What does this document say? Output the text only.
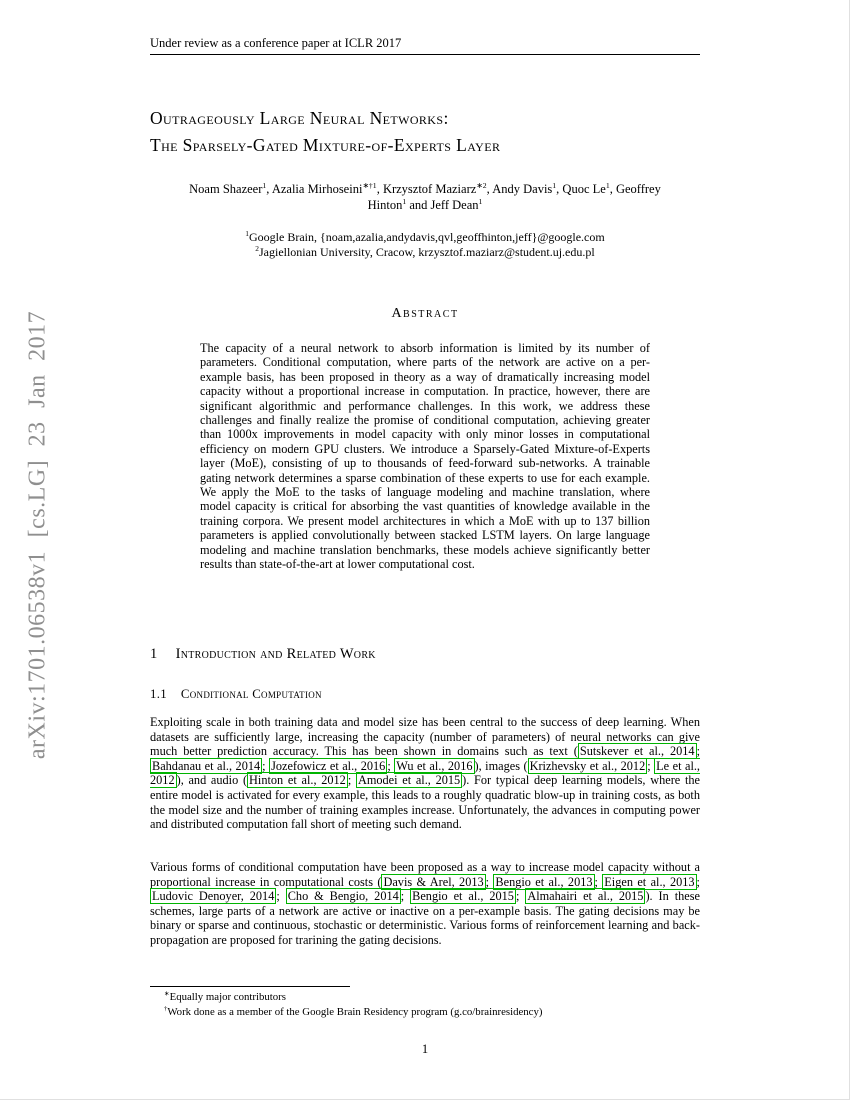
Under review as a conference paper at ICLR 2017
arXiv:1701.06538v1 [cs.LG] 23 Jan 2017
Outrageously Large Neural Networks:
The Sparsely-Gated Mixture-of-Experts Layer
Noam Shazeer$^1$, Azalia Mirhoseini$^{∗\dagger 1}$, Krzysztof Maziarz$^{∗2}$, Andy Davis$^1$, Quoc Le$^1$, Geoffrey
Hinton$^1$ and Jeff Dean$^1$
$^1$Google Brain, {noam,azalia,andydavis,qvl,geoffhinton,jeff}@google.com
$^2$Jagiellonian University, Cracow, krzysztof.maziarz@student.uj.edu.pl
Abstract
The capacity of a neural network to absorb information is limited by its number of parameters. Conditional computation, where parts of the network are active on a per-example basis, has been proposed in theory as a way of dramatically increasing model capacity without a proportional increase in computation. In practice, however, there are significant algorithmic and performance challenges. In this work, we address these challenges and finally realize the promise of conditional computation, achieving greater than 1000x improvements in model capacity with only minor losses in computational efficiency on modern GPU clusters. We introduce a Sparsely-Gated Mixture-of-Experts layer (MoE), consisting of up to thousands of feed-forward sub-networks. A trainable gating network determines a sparse combination of these experts to use for each example. We apply the MoE to the tasks of language modeling and machine translation, where model capacity is critical for absorbing the vast quantities of knowledge available in the training corpora. We present model architectures in which a MoE with up to 137 billion parameters is applied convolutionally between stacked LSTM layers. On large language modeling and machine translation benchmarks, these models achieve significantly better results than state-of-the-art at lower computational cost.
1 Introduction and Related Work
1.1 Conditional Computation
Exploiting scale in both training data and model size has been central to the success of deep learning. When datasets are sufficiently large, increasing the capacity (number of parameters) of neural networks can give much better prediction accuracy. This has been shown in domains such as text ( Sutskever et al., 2014 ; Bahdanau et al., 2014 ; Jozefowicz et al., 2016 ; Wu et al., 2016 ), images ( Krizhevsky et al., 2012 ; Le et al., 2012 ), and audio ( Hinton et al., 2012 ; Amodei et al., 2015 ). For typical deep learning models, where the entire model is activated for every example, this leads to a roughly quadratic blow-up in training costs, as both the model size and the number of training examples increase. Unfortunately, the advances in computing power and distributed computation fall short of meeting such demand.
Various forms of conditional computation have been proposed as a way to increase model capacity without a proportional increase in computational costs ( Davis & Arel, 2013 ; Bengio et al., 2013 ; Eigen et al., 2013 ; Ludovic Denoyer, 2014 ; Cho & Bengio, 2014 ; Bengio et al., 2015 ; Almahairi et al., 2015 ). In these schemes, large parts of a network are active or inactive on a per-example basis. The gating decisions may be binary or sparse and continuous, stochastic or deterministic. Various forms of reinforcement learning and back-propagation are proposed for trarining the gating decisions.
∗Equally major contributors
†Work done as a member of the Google Brain Residency program (g.co/brainresidency)
1
